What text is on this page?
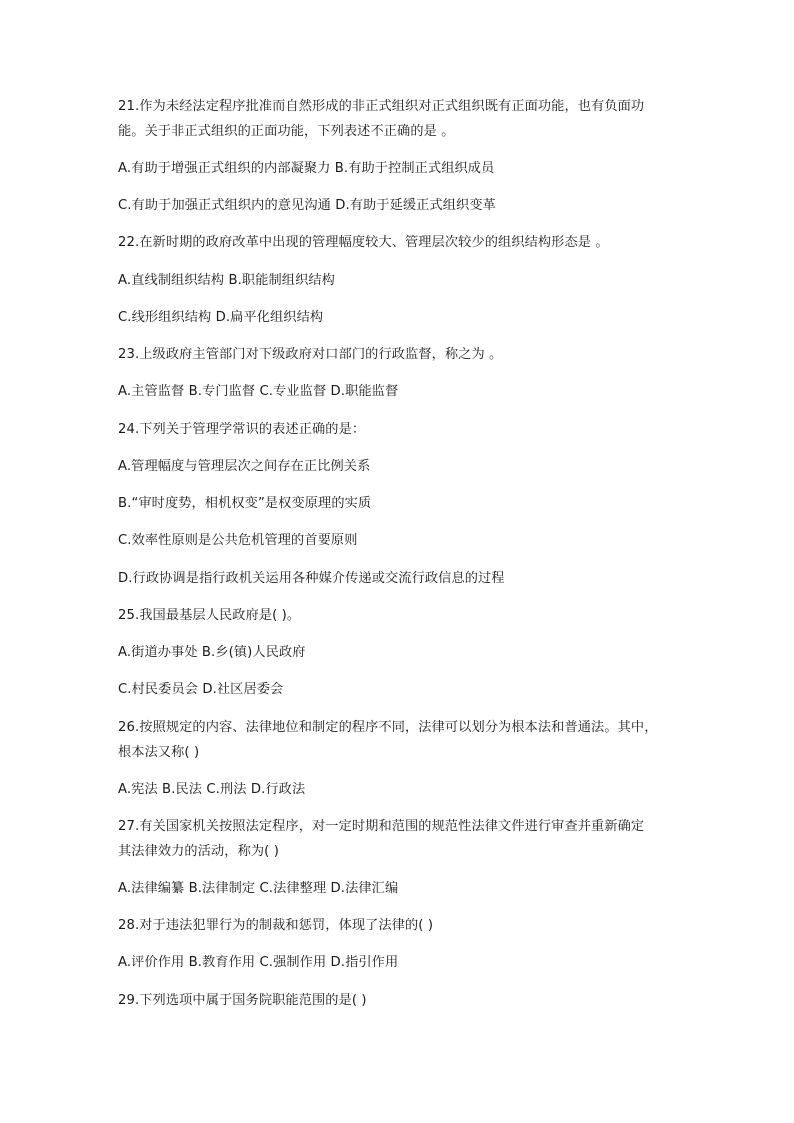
21.作为未经法定程序批准而自然形成的非正式组织对正式组织既有正面功能，也有负面功
能。关于非正式组织的正面功能，下列表述不正确的是 。
A.有助于增强正式组织的内部凝聚力 B.有助于控制正式组织成员
C.有助于加强正式组织内的意见沟通 D.有助于延缓正式组织变革
22.在新时期的政府改革中出现的管理幅度较大、管理层次较少的组织结构形态是 。
A.直线制组织结构 B.职能制组织结构
C.线形组织结构 D.扁平化组织结构
23.上级政府主管部门对下级政府对口部门的行政监督，称之为 。
A.主管监督 B.专门监督 C.专业监督 D.职能监督
24.下列关于管理学常识的表述正确的是：
A.管理幅度与管理层次之间存在正比例关系
B.“审时度势，相机权变”是权变原理的实质
C.效率性原则是公共危机管理的首要原则
D.行政协调是指行政机关运用各种媒介传递或交流行政信息的过程
25.我国最基层人民政府是( )。
A.街道办事处 B.乡(镇)人民政府
C.村民委员会 D.社区居委会
26.按照规定的内容、法律地位和制定的程序不同，法律可以划分为根本法和普通法。其中，
根本法又称( )
A.宪法 B.民法 C.刑法 D.行政法
27.有关国家机关按照法定程序，对一定时期和范围的规范性法律文件进行审查并重新确定
其法律效力的活动，称为( )
A.法律编纂 B.法律制定 C.法律整理 D.法律汇编
28.对于违法犯罪行为的制裁和惩罚，体现了法律的( )
A.评价作用 B.教育作用 C.强制作用 D.指引作用
29.下列选项中属于国务院职能范围的是( )
